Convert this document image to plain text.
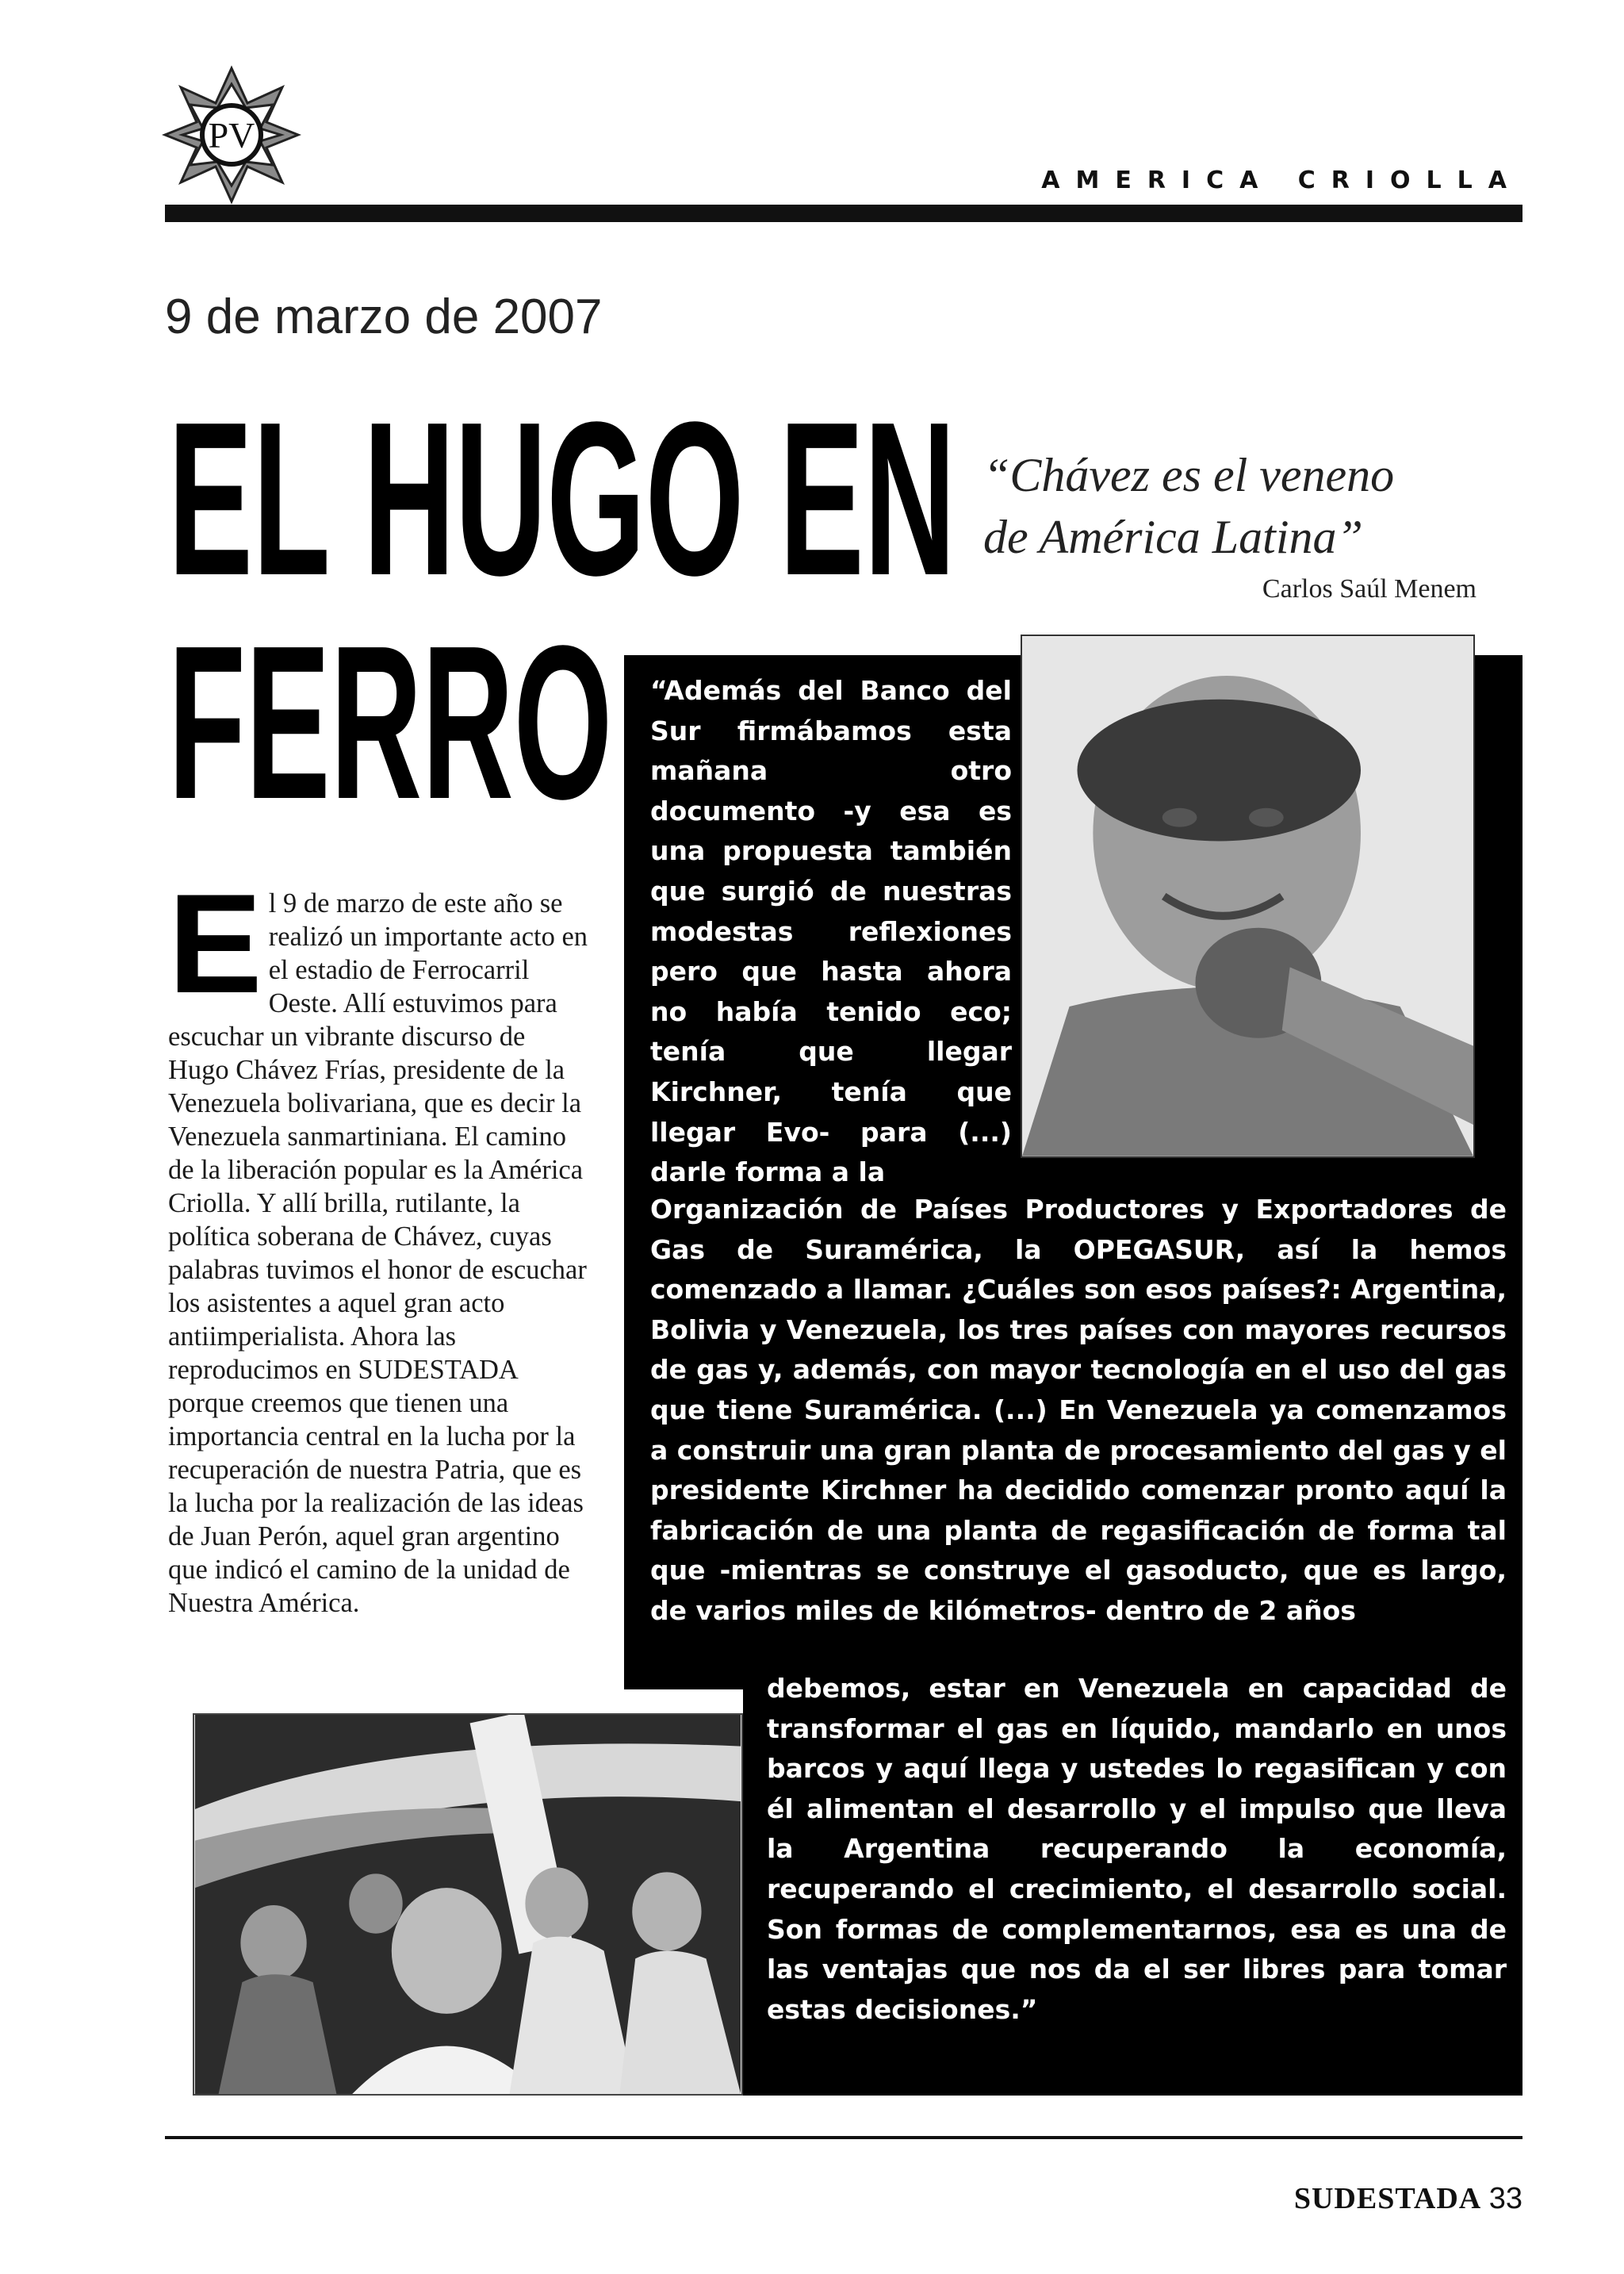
PV
AMERICA CRIOLLA
9 de marzo de 2007
EL HUGO EN
FERRO

“Chávez es el veneno
de América Latina”

Carlos Saúl Menem

El 9 de marzo de este año se realizó un importante acto en el estadio de Ferrocarril Oeste. Allí estuvimos para escuchar un vibrante discurso de Hugo Chávez Frías, presidente de la Venezuela bolivariana, que es decir la Venezuela sanmartiniana. El camino de la liberación popular es la América Criolla. Y allí brilla, rutilante, la política soberana de Chávez, cuyas palabras tuvimos el honor de escuchar los asistentes a aquel gran acto antiimperialista. Ahora las reproducimos en SUDESTADA porque creemos que tienen una importancia central en la lucha por la recuperación de nuestra Patria, que es la lucha por la realización de las ideas de Juan Perón, aquel gran argentino que indicó el camino de la unidad de Nuestra América.

“Además del Banco del Sur firmábamos esta mañana otro documento -y esa es una propuesta también que surgió de nuestras modestas reflexiones pero que hasta ahora no había tenido eco; tenía que llegar Kirchner, tenía que llegar Evo- para (...) darle forma a la

Organización de Países Productores y Exportadores de Gas de Suramérica, la OPEGASUR, así la hemos comenzado a llamar. ¿Cuáles son esos países?: Argentina, Bolivia y Venezuela, los tres países con mayores recursos de gas y, además, con mayor tecnología en el uso del gas que tiene Suramérica. (...) En Venezuela ya comenzamos a construir una gran planta de procesamiento del gas y el presidente Kirchner ha decidido comenzar pronto aquí la fabricación de una planta de regasificación de forma tal que -mientras se construye el gasoducto, que es largo, de varios miles de kilómetros- dentro de 2 años

debemos, estar en Venezuela en capacidad de transformar el gas en líquido, mandarlo en unos barcos y aquí llega y ustedes lo regasifican y con él alimentan el desarrollo y el impulso que lleva la Argentina recuperando la economía, recuperando el crecimiento, el desarrollo social. Son formas de complementarnos, esa es una de las ventajas que nos da el ser libres para tomar estas decisiones.”

SUDESTADA 33
